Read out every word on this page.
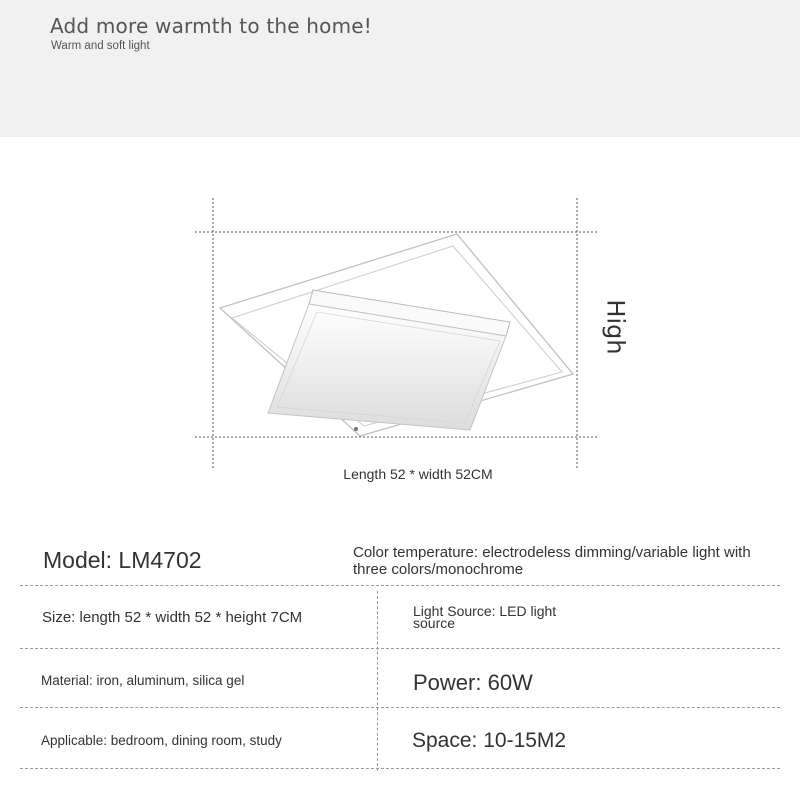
Add more warmth to the home!
Warm and soft light
Length 52 * width 52CM
High
Model: LM4702	Color temperature: electrodeless dimming/variable light with three colors/monochrome
Size: length 52 * width 52 * height 7CM	Light Source: LED light source
Material: iron, aluminum, silica gel	Power: 60W
Applicable: bedroom, dining room, study	Space: 10-15M2
